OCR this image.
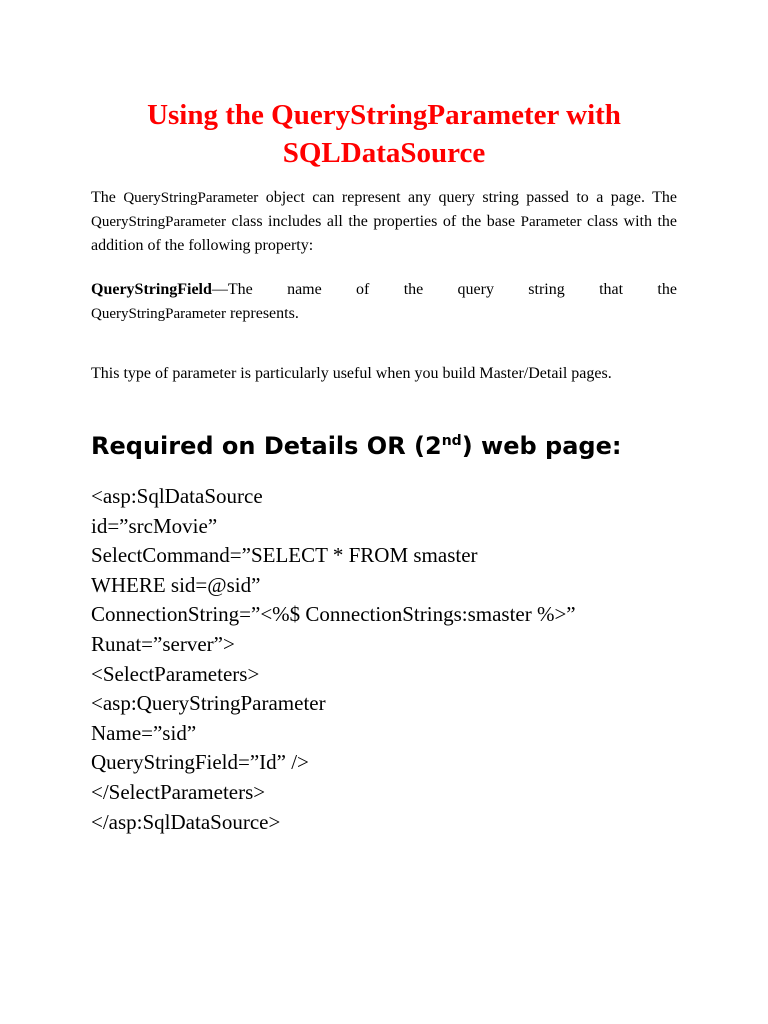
Using the QueryStringParameter with
SQLDataSource

The QueryStringParameter object can represent any query string passed to a page. The QueryStringParameter class includes all the properties of the base Parameter class with the addition of the following property:

QueryStringField—The name of the query string that the
QueryStringParameter represents.

This type of parameter is particularly useful when you build Master/Detail pages.

Required on Details OR (2nd) web page:
<asp:SqlDataSource
id=”srcMovie”
SelectCommand=”SELECT * FROM smaster
WHERE sid=@sid”
ConnectionString=”<%$ ConnectionStrings:smaster %>”
Runat=”server”>
<SelectParameters>
<asp:QueryStringParameter
Name=”sid”
QueryStringField=”Id” />
</SelectParameters>
</asp:SqlDataSource>
